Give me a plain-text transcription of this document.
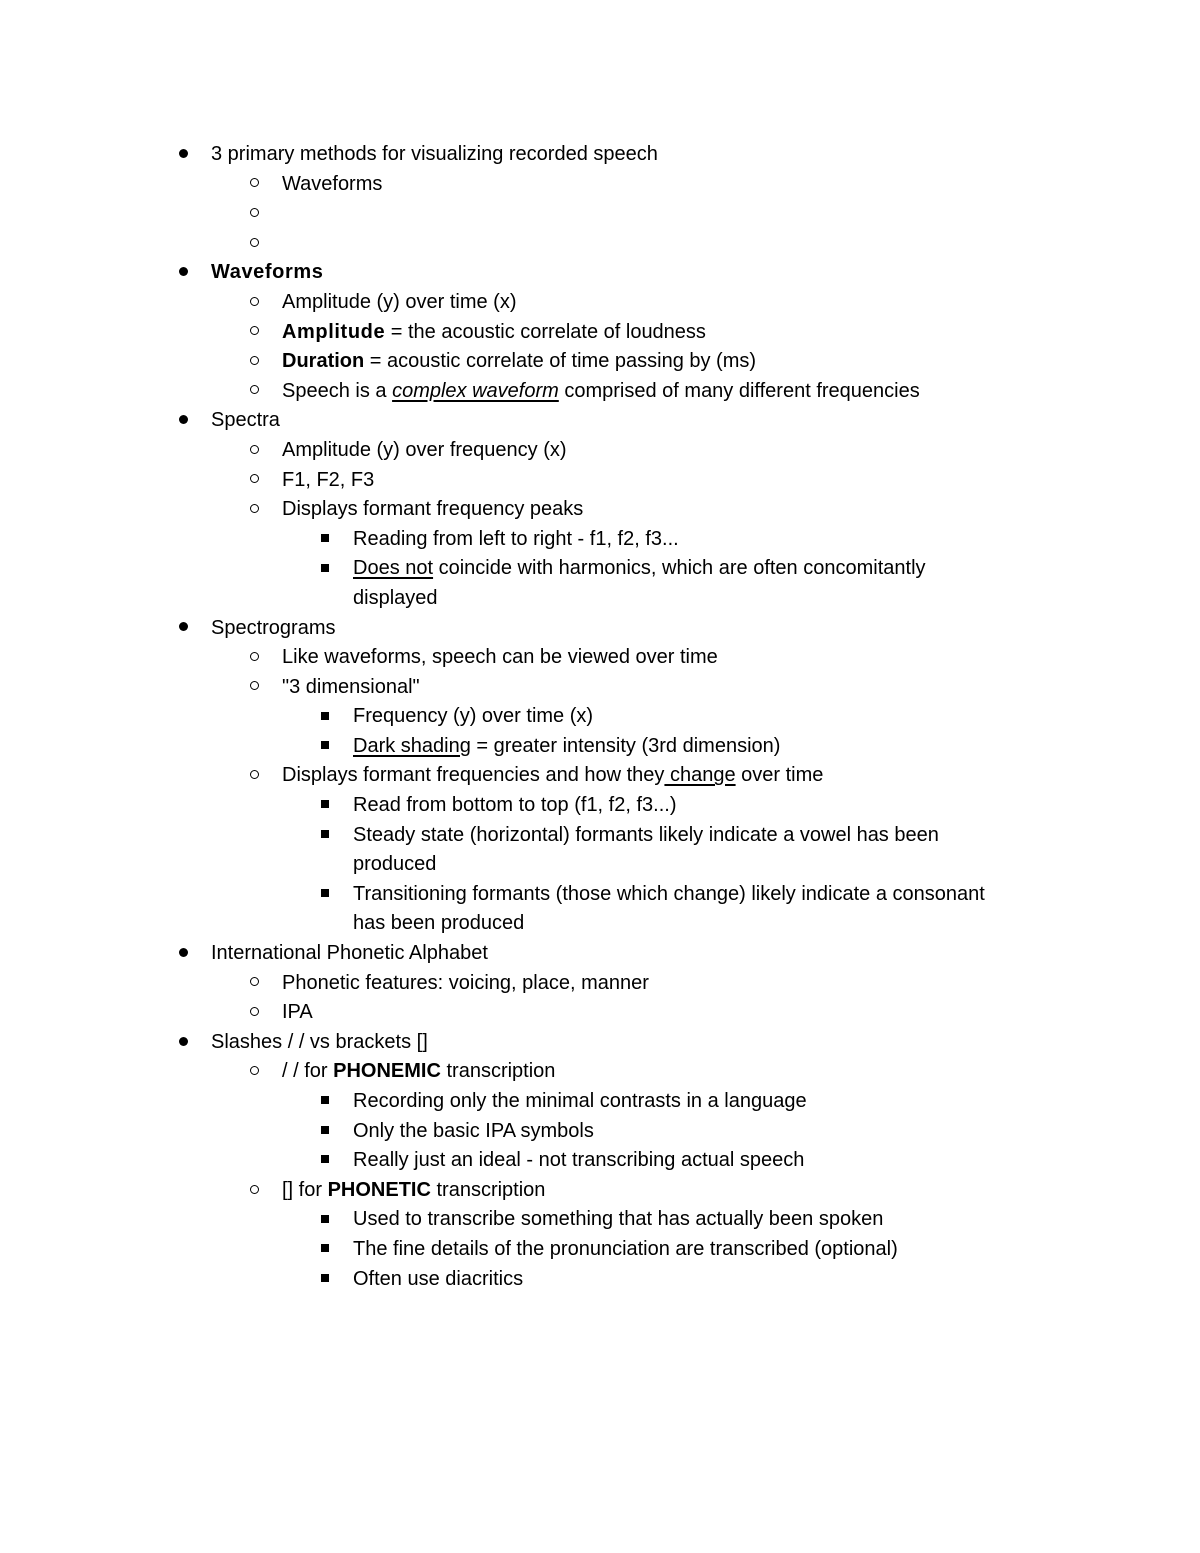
3 primary methods for visualizing recorded speech
Waveforms
Waveforms
Amplitude (y) over time (x)
Amplitude = the acoustic correlate of loudness
Duration = acoustic correlate of time passing by (ms)
Speech is a complex waveform comprised of many different frequencies
Spectra
Amplitude (y) over frequency (x)
F1, F2, F3
Displays formant frequency peaks
Reading from left to right - f1, f2, f3...
Does not coincide with harmonics, which are often concomitantly
displayed
Spectrograms
Like waveforms, speech can be viewed over time
"3 dimensional"
Frequency (y) over time (x)
Dark shading = greater intensity (3rd dimension)
Displays formant frequencies and how they change over time
Read from bottom to top (f1, f2, f3...)
Steady state (horizontal) formants likely indicate a vowel has been
produced
Transitioning formants (those which change) likely indicate a consonant
has been produced
International Phonetic Alphabet
Phonetic features: voicing, place, manner
IPA
Slashes / / vs brackets []
/ / for PHONEMIC transcription
Recording only the minimal contrasts in a language
Only the basic IPA symbols
Really just an ideal - not transcribing actual speech
[] for PHONETIC transcription
Used to transcribe something that has actually been spoken
The fine details of the pronunciation are transcribed (optional)
Often use diacritics
